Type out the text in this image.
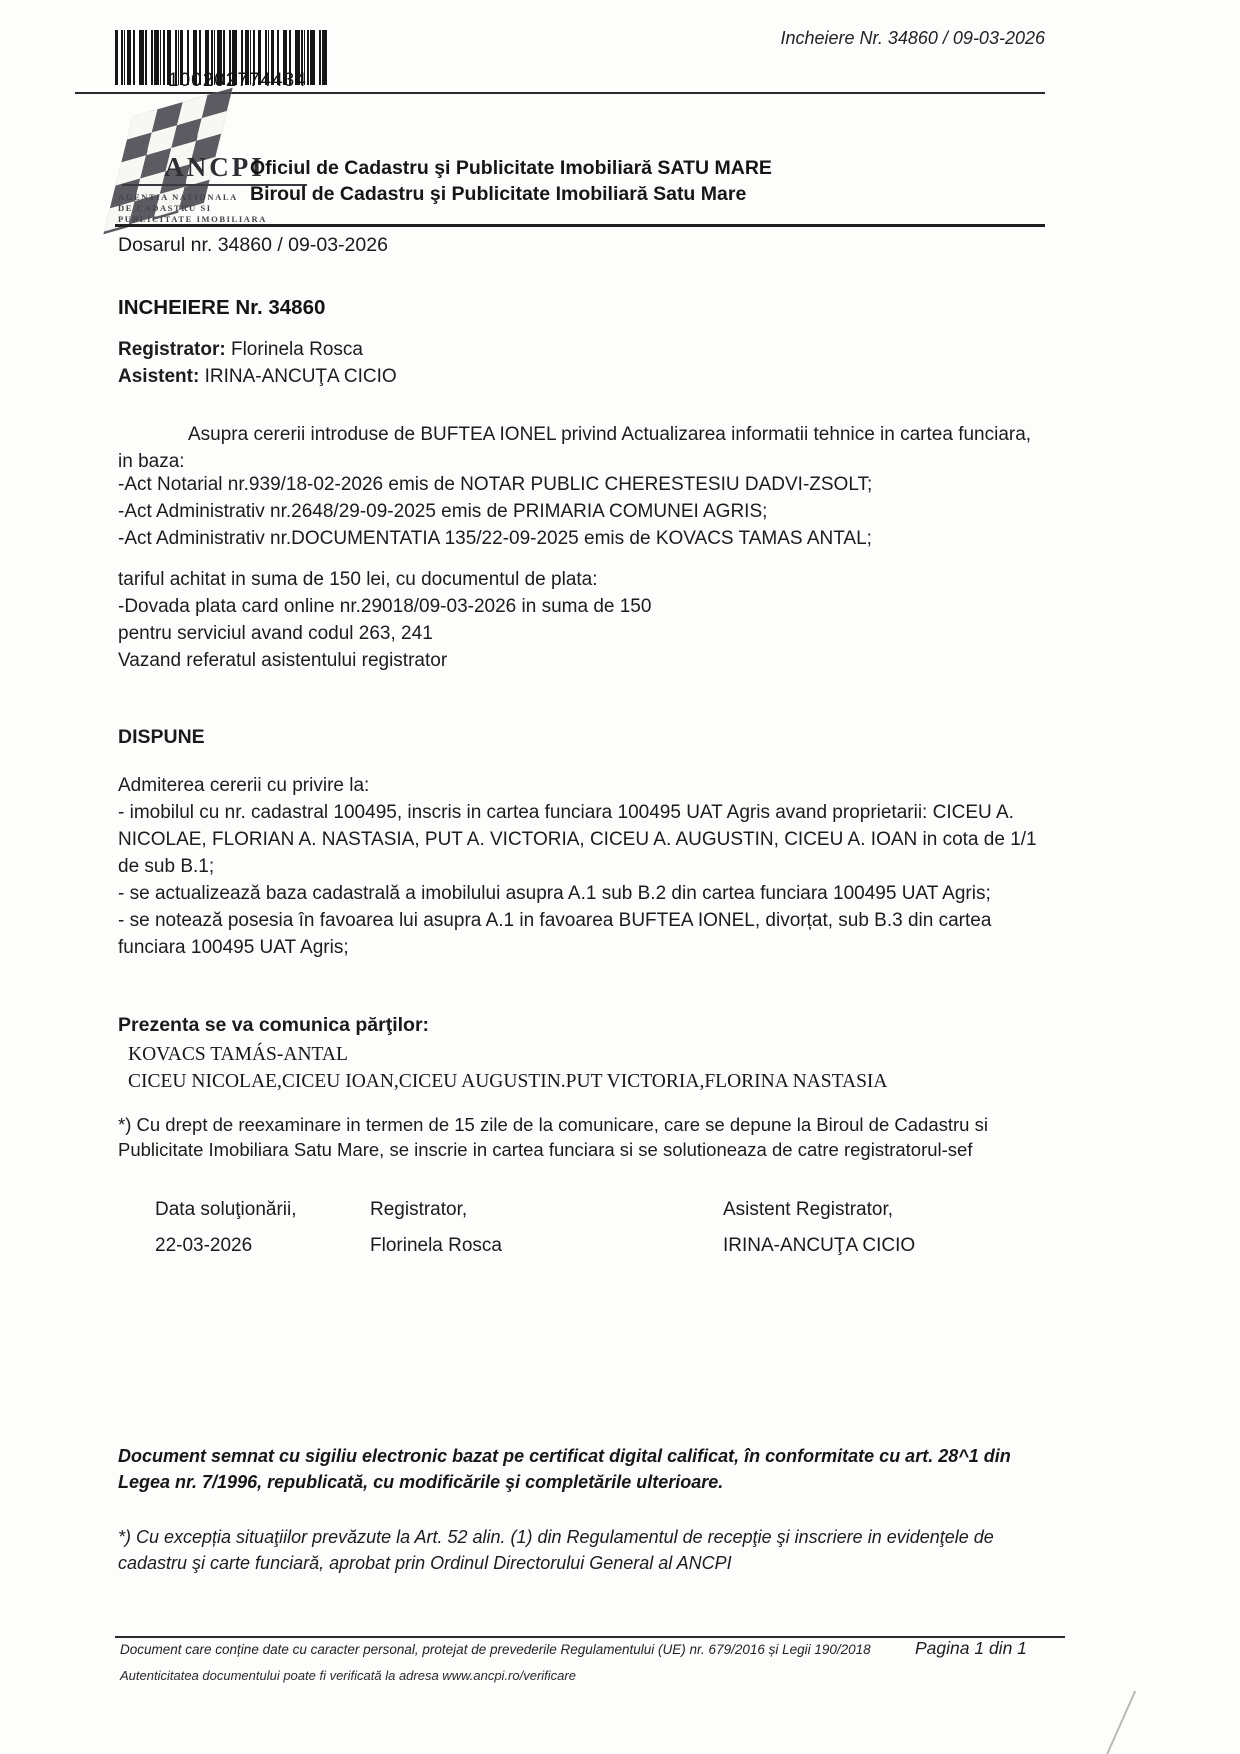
100202774434
Incheiere Nr. 34860 / 09-03-2026
ANCPI
AGENTIA NATIONALA
DE CADASTRU SI
PUBLICITATE IMOBILIARA
Oficiul de Cadastru şi Publicitate Imobiliară SATU MARE
Biroul de Cadastru şi Publicitate Imobiliară Satu Mare
Dosarul nr. 34860 / 09-03-2026
INCHEIERE Nr. 34860
Registrator: Florinela Rosca
Asistent: IRINA-ANCUŢA CICIO
Asupra cererii introduse de BUFTEA IONEL privind Actualizarea informatii tehnice in cartea funciara, in baza:
-Act Notarial nr.939/18-02-2026 emis de NOTAR PUBLIC CHERESTESIU DADVI-ZSOLT;
-Act Administrativ nr.2648/29-09-2025 emis de PRIMARIA COMUNEI AGRIS;
-Act Administrativ nr.DOCUMENTATIA 135/22-09-2025 emis de KOVACS TAMAS ANTAL;
tariful achitat in suma de 150 lei, cu documentul de plata:
-Dovada plata card online nr.29018/09-03-2026 in suma de 150
pentru serviciul avand codul 263, 241
Vazand referatul asistentului registrator
DISPUNE
Admiterea cererii cu privire la:
- imobilul cu nr. cadastral 100495, inscris in cartea funciara 100495 UAT Agris avand proprietarii: CICEU A. NICOLAE, FLORIAN A. NASTASIA, PUT A. VICTORIA, CICEU A. AUGUSTIN, CICEU A. IOAN in cota de 1/1 de sub B.1;
- se actualizează baza cadastrală a imobilului asupra A.1 sub B.2 din cartea funciara 100495 UAT Agris;
- se notează posesia în favoarea lui asupra A.1 in favoarea BUFTEA IONEL, divorțat, sub B.3 din cartea funciara 100495 UAT Agris;
Prezenta se va comunica părţilor:
KOVACS TAMÁS-ANTAL
CICEU NICOLAE,CICEU IOAN,CICEU AUGUSTIN.PUT VICTORIA,FLORINA NASTASIA
*) Cu drept de reexaminare in termen de 15 zile de la comunicare, care se depune la Biroul de Cadastru si Publicitate Imobiliara Satu Mare, se inscrie in cartea funciara si se solutioneaza de catre registratorul-sef
Data soluţionării,	Registrator,	Asistent Registrator,
22-03-2026	Florinela Rosca	IRINA-ANCUŢA CICIO
Document semnat cu sigiliu electronic bazat pe certificat digital calificat, în conformitate cu art. 28^1 din Legea nr. 7/1996, republicată, cu modificările şi completările ulterioare.
*) Cu excepția situaţiilor prevăzute la Art. 52 alin. (1) din Regulamentul de recepţie şi inscriere in evidenţele de cadastru şi carte funciară, aprobat prin Ordinul Directorului General al ANCPI
Document care conține date cu caracter personal, protejat de prevederile Regulamentului (UE) nr. 679/2016 și Legii 190/2018	Pagina 1 din 1
Autenticitatea documentului poate fi verificată la adresa www.ancpi.ro/verificare
